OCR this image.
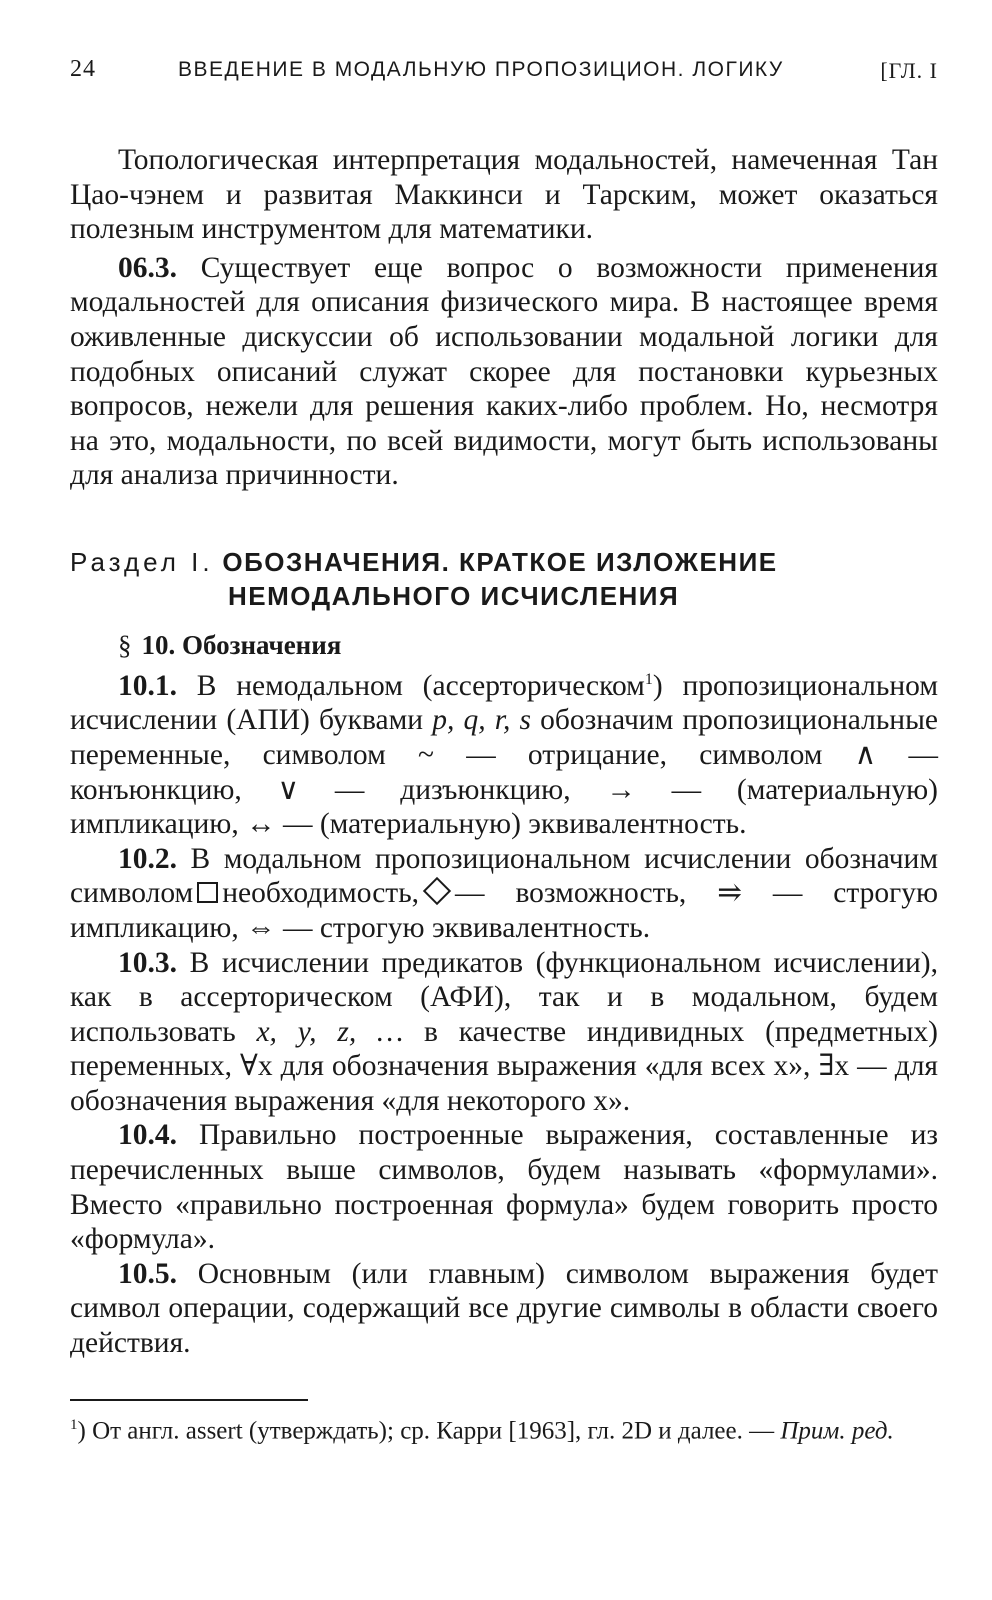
24	ВВЕДЕНИЕ В МОДАЛЬНУЮ ПРОПОЗИЦИОН. ЛОГИКУ	[ГЛ. I

Топологическая интерпретация модальностей, намеченная Тан Цао-чэнем и развитая Маккинси и Тарским, может оказаться полезным инструментом для математики.

06.3. Существует еще вопрос о возможности применения модальностей для описания физического мира. В настоящее время оживленные дискуссии об использовании модальной логики для подобных описаний служат скорее для постановки курьезных вопросов, нежели для решения каких-либо проблем. Но, несмотря на это, модальности, по всей видимости, могут быть использованы для анализа причинности.

Раздел I. ОБОЗНАЧЕНИЯ. КРАТКОЕ ИЗЛОЖЕНИЕ
НЕМОДАЛЬНОГО ИСЧИСЛЕНИЯ
§ 10. Обозначения

10.1. В немодальном (ассерторическом$^1$) пропозициональном исчислении (АПИ) буквами p, q, r, s обозначим пропозициональные переменные, символом ~ — отрицание, символом ∧ — конъюнкцию, ∨ — дизъюнкцию, → — (материальную) импликацию, ↔ — (материальную) эквивалентность.

10.2. В модальном пропозициональном исчислении обозначим символом необходимость, — возможность, ⥤ — строгую импликацию, ⇔ — строгую эквивалентность.

10.3. В исчислении предикатов (функциональном исчислении), как в ассерторическом (АФИ), так и в модальном, будем использовать x, y, z, … в качестве индивидных (предметных) переменных, ∀x для обозначения выражения «для всех x», ∃x — для обозначения выражения «для некоторого x».

10.4. Правильно построенные выражения, составленные из перечисленных выше символов, будем называть «формулами». Вместо «правильно построенная формула» будем говорить просто «формула».

10.5. Основным (или главным) символом выражения будет символ операции, содержащий все другие символы в области своего действия.

$^1$) От англ. assert (утверждать); ср. Карри [1963], гл. 2D и далее. — Прим. ред.
